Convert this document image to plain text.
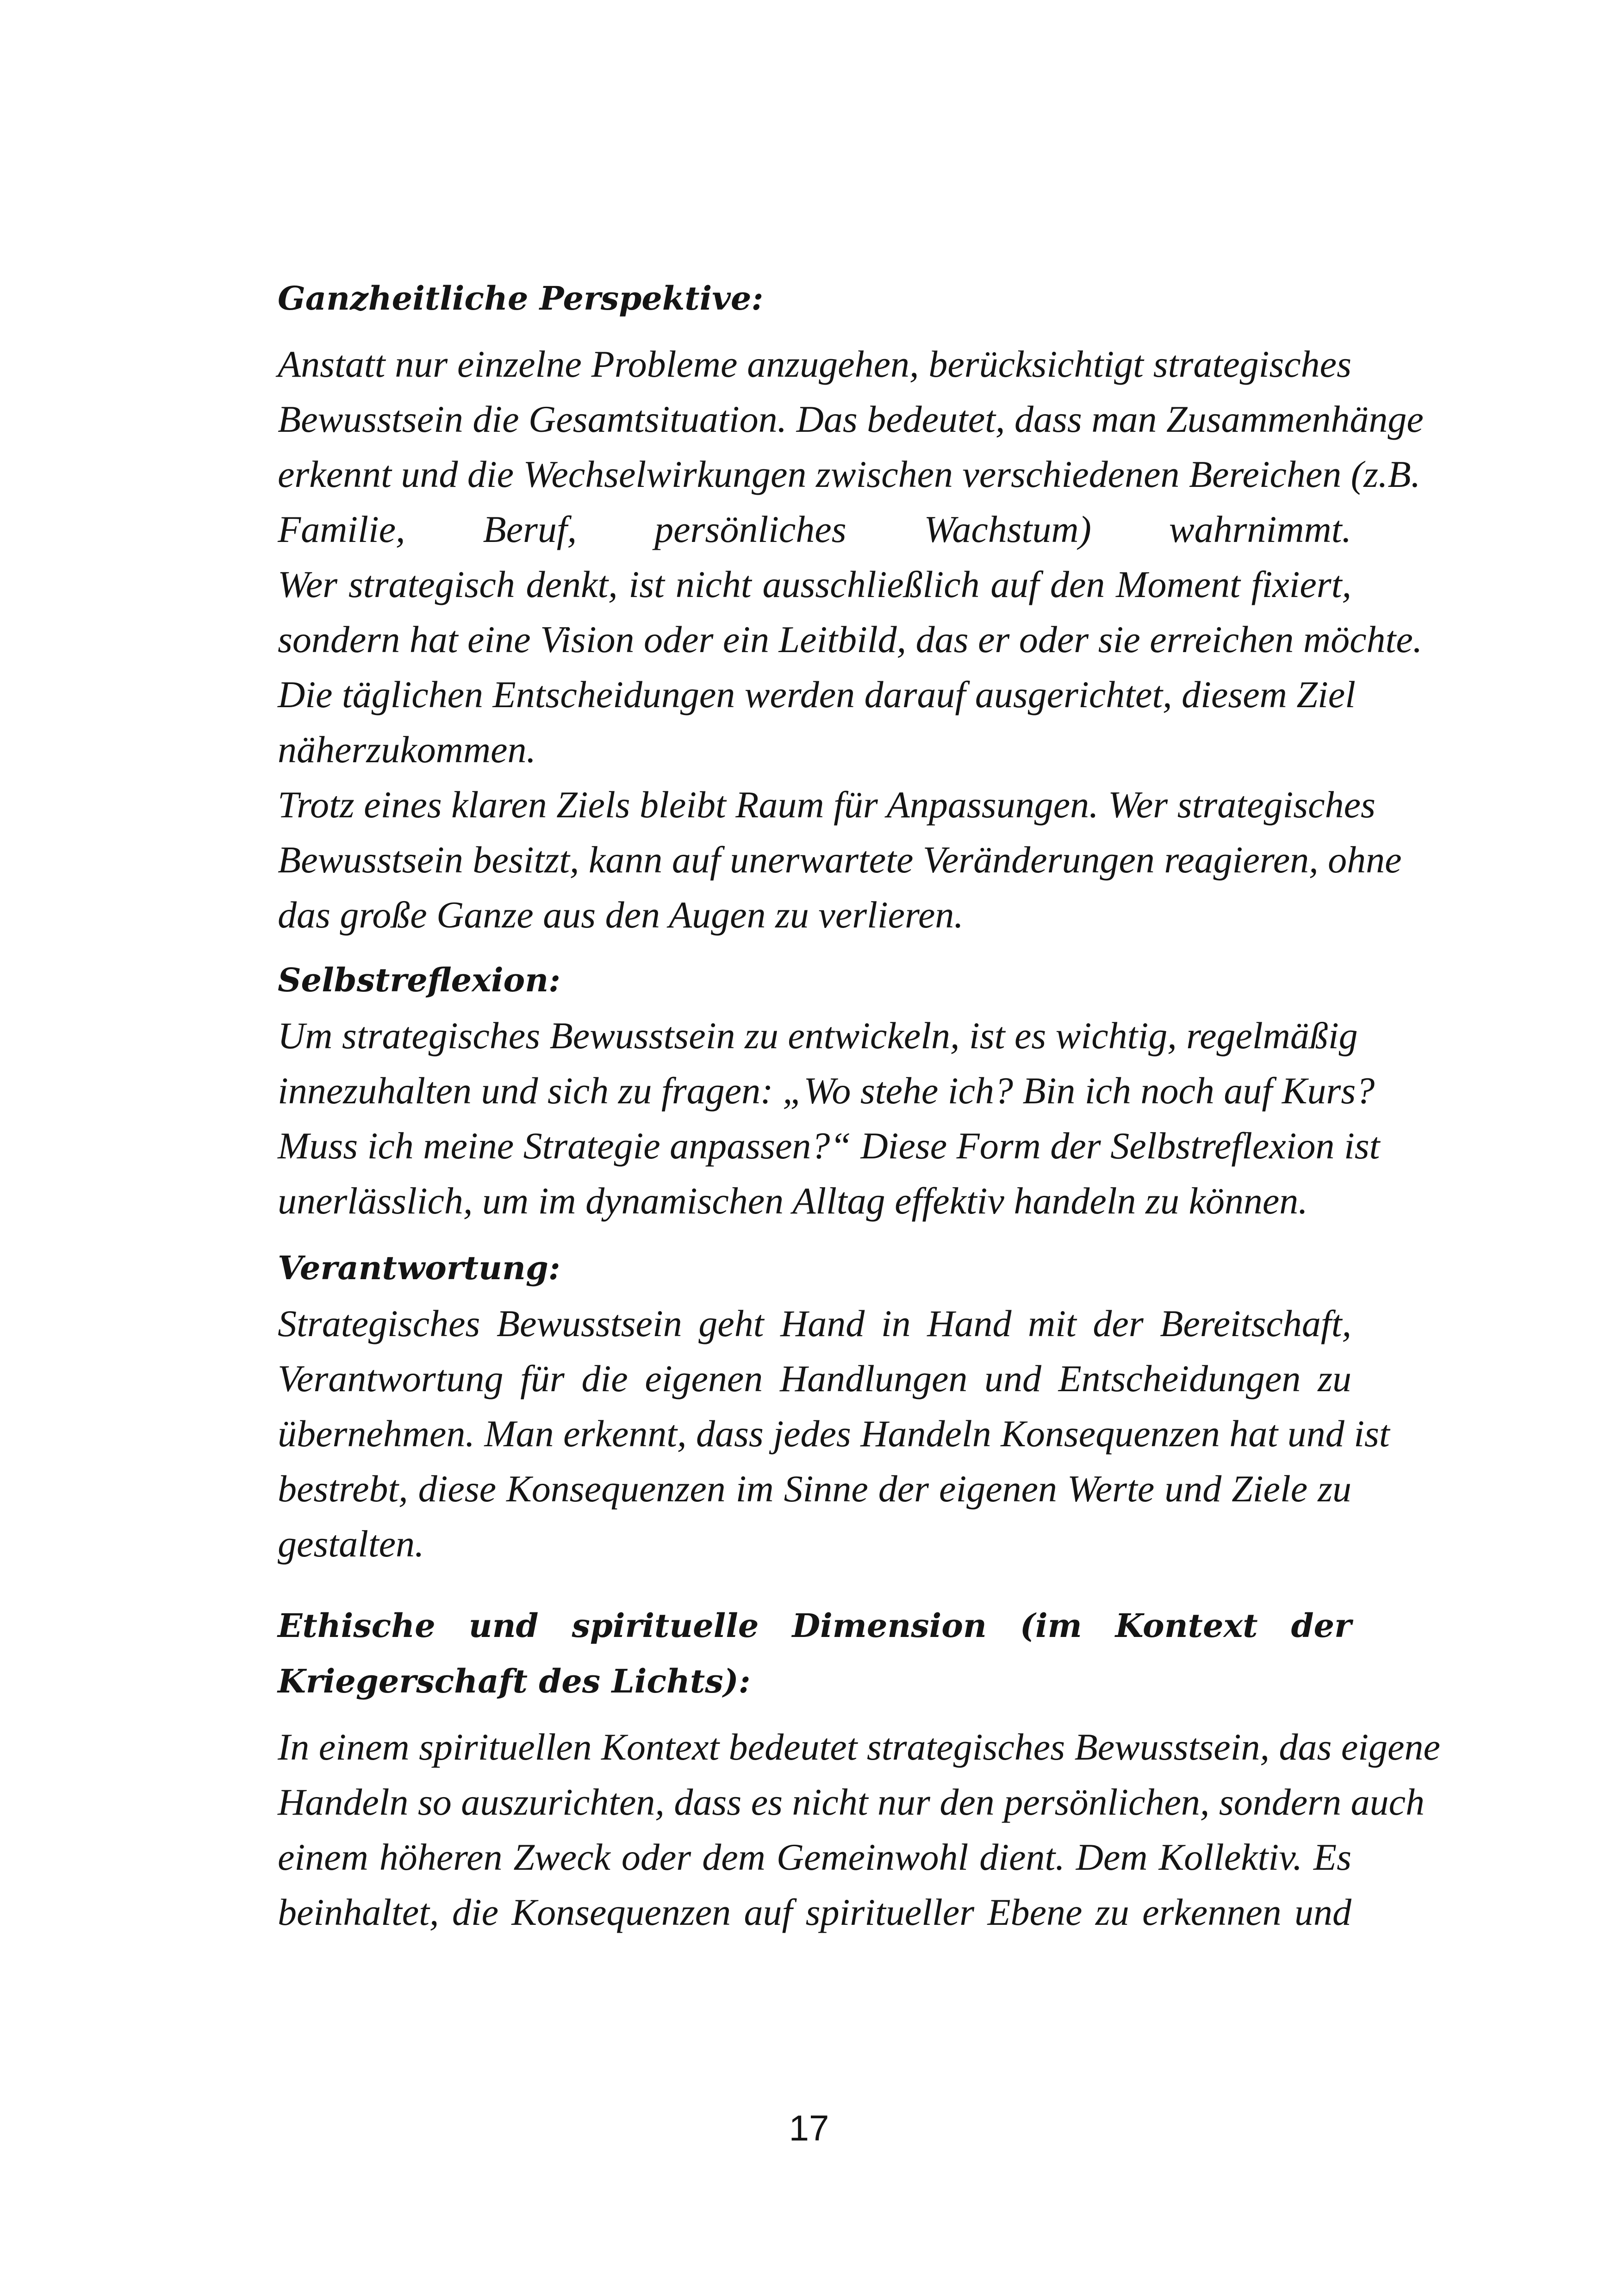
Ganzheitliche Perspektive:
Anstatt nur einzelne Probleme anzugehen, berücksichtigt strategisches
Bewusstsein die Gesamtsituation. Das bedeutet, dass man Zusammenhänge
erkennt und die Wechselwirkungen zwischen verschiedenen Bereichen (z.B.
Familie, Beruf, persönliches Wachstum) wahrnimmt.
Wer strategisch denkt, ist nicht ausschließlich auf den Moment fixiert,
sondern hat eine Vision oder ein Leitbild, das er oder sie erreichen möchte.
Die täglichen Entscheidungen werden darauf ausgerichtet, diesem Ziel
näherzukommen.
Trotz eines klaren Ziels bleibt Raum für Anpassungen. Wer strategisches
Bewusstsein besitzt, kann auf unerwartete Veränderungen reagieren, ohne
das große Ganze aus den Augen zu verlieren.
Selbstreflexion:
Um strategisches Bewusstsein zu entwickeln, ist es wichtig, regelmäßig
innezuhalten und sich zu fragen: „Wo stehe ich? Bin ich noch auf Kurs?
Muss ich meine Strategie anpassen?“ Diese Form der Selbstreflexion ist
unerlässlich, um im dynamischen Alltag effektiv handeln zu können.
Verantwortung:
Strategisches Bewusstsein geht Hand in Hand mit der Bereitschaft,
Verantwortung für die eigenen Handlungen und Entscheidungen zu
übernehmen. Man erkennt, dass jedes Handeln Konsequenzen hat und ist
bestrebt, diese Konsequenzen im Sinne der eigenen Werte und Ziele zu
gestalten.
Ethische und spirituelle Dimension (im Kontext der
Kriegerschaft des Lichts):
In einem spirituellen Kontext bedeutet strategisches Bewusstsein, das eigene
Handeln so auszurichten, dass es nicht nur den persönlichen, sondern auch
einem höheren Zweck oder dem Gemeinwohl dient. Dem Kollektiv. Es
beinhaltet, die Konsequenzen auf spiritueller Ebene zu erkennen und
17
